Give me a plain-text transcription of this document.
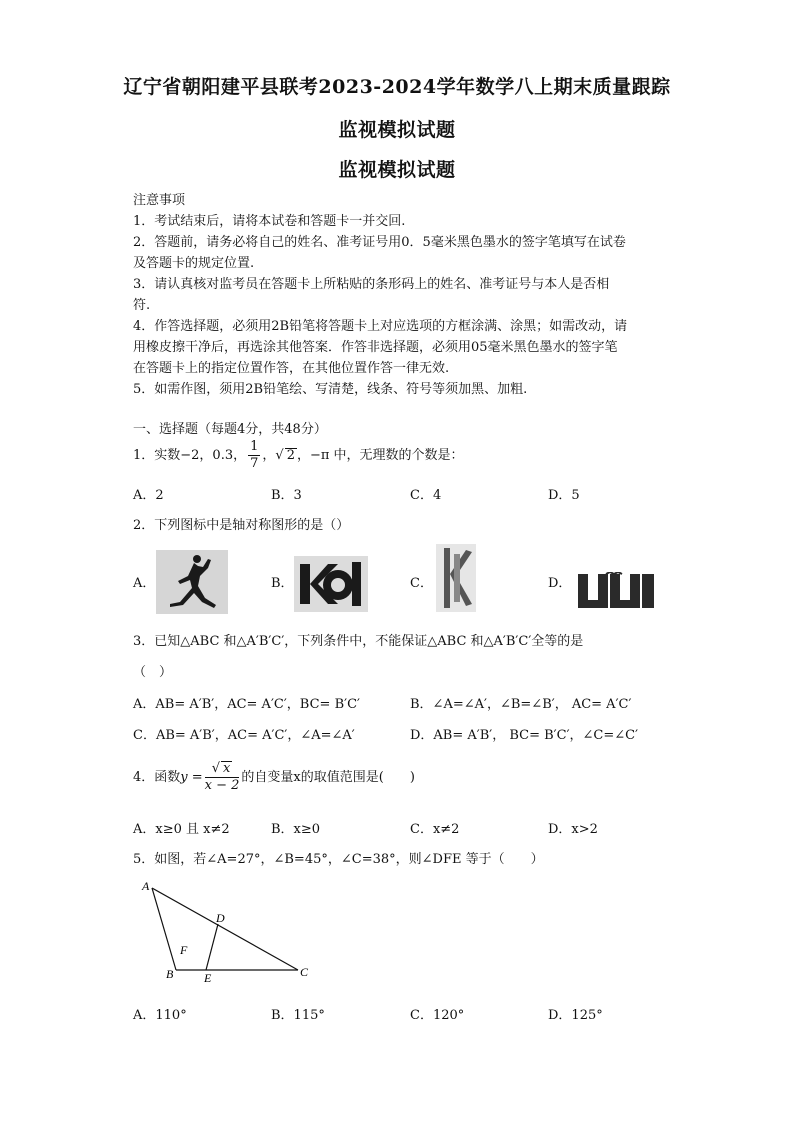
辽宁省朝阳建平县联考2023-2024学年数学八上期末质量跟踪
监视模拟试题
监视模拟试题
注意事项
1．考试结束后，请将本试卷和答题卡一并交回.
2．答题前，请务必将自己的姓名、准考证号用0．5毫米黑色墨水的签字笔填写在试卷
及答题卡的规定位置.
3．请认真核对监考员在答题卡上所粘贴的条形码上的姓名、准考证号与本人是否相
符.
4．作答选择题，必须用2B铅笔将答题卡上对应选项的方框涂满、涂黑；如需改动，请
用橡皮擦干净后，再选涂其他答案．作答非选择题，必须用05毫米黑色墨水的签字笔
在答题卡上的指定位置作答，在其他位置作答一律无效.
5．如需作图，须用2B铅笔绘、写清楚，线条、符号等须加黑、加粗.
一、选择题（每题4分，共48分）
1．实数−2，0.3， $\frac{1}{7}$ ，√ 2 ，−π 中，无理数的个数是：
A．2	B．3	C．4	D．5
2．下列图标中是轴对称图形的是（）
A．	B．	C．	D．
3．已知△ABC 和△A′B′C′，下列条件中，不能保证△ABC 和△A′B′C′全等的是
（　）
A．AB= A′B′，AC= A′C′，BC= B′C′	B．∠A=∠A′，∠B=∠B′， AC= A′C′
C．AB= A′B′，AC= A′C′，∠A=∠A′	D．AB= A′B′， BC= B′C′，∠C=∠C′
4．函数$y = \frac{√ x}{x - 2}$ 的自变量x的取值范围是(　　)
A．x≥0 且 x≠2	B．x≥0	C．x≠2	D．x>2
5．如图，若∠A=27°，∠B=45°，∠C=38°，则∠DFE 等于（　　）
A
D
F
B	E	C
A．110°	B．115°	C．120°	D．125°
